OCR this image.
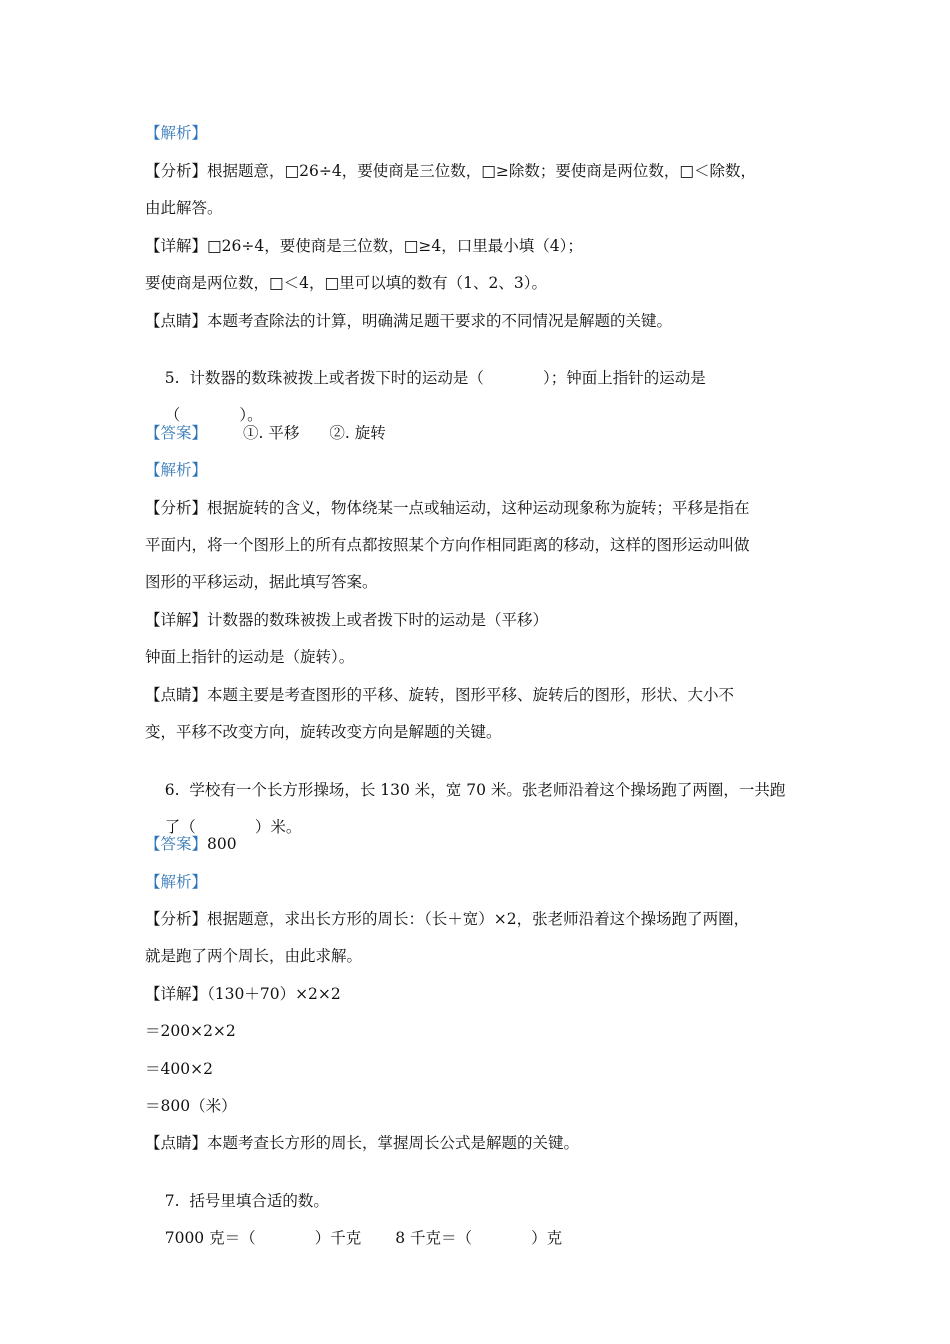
【解析】
【分析】根据题意，□26÷4，要使商是三位数，□≥除数；要使商是两位数，□＜除数，
由此解答。
【详解】□26÷4，要使商是三位数，□≥4，口里最小填（4）；
要使商是两位数，□＜4，□里可以填的数有（1、2、3）。
【点睛】本题考查除法的计算，明确满足题干要求的不同情况是解题的关键。

5.  计数器的数珠被拨上或者拨下时的运动是（            ）；钟面上指针的运动是

（            ）。

【答案】 ①. 平移 ②. 旋转
【解析】
【分析】根据旋转的含义，物体绕某一点或轴运动，这种运动现象称为旋转；平移是指在
平面内，将一个图形上的所有点都按照某个方向作相同距离的移动，这样的图形运动叫做
图形的平移运动，据此填写答案。
【详解】计数器的数珠被拨上或者拨下时的运动是（平移）
钟面上指针的运动是（旋转）。
【点睛】本题主要是考查图形的平移、旋转，图形平移、旋转后的图形，形状、大小不
变，平移不改变方向，旋转改变方向是解题的关键。

6.  学校有一个长方形操场，长 130 米，宽 70 米。张老师沿着这个操场跑了两圈，一共跑

了（            ）米。

【答案】800
【解析】
【分析】根据题意，求出长方形的周长：（长＋宽）×2，张老师沿着这个操场跑了两圈，
就是跑了两个周长，由此求解。
【详解】（130＋70）×2×2
＝200×2×2
＝400×2
＝800（米）
【点睛】本题考查长方形的周长，掌握周长公式是解题的关键。

7.  括号里填合适的数。

7000 克＝（            ）千克 8 千克＝（            ）克
